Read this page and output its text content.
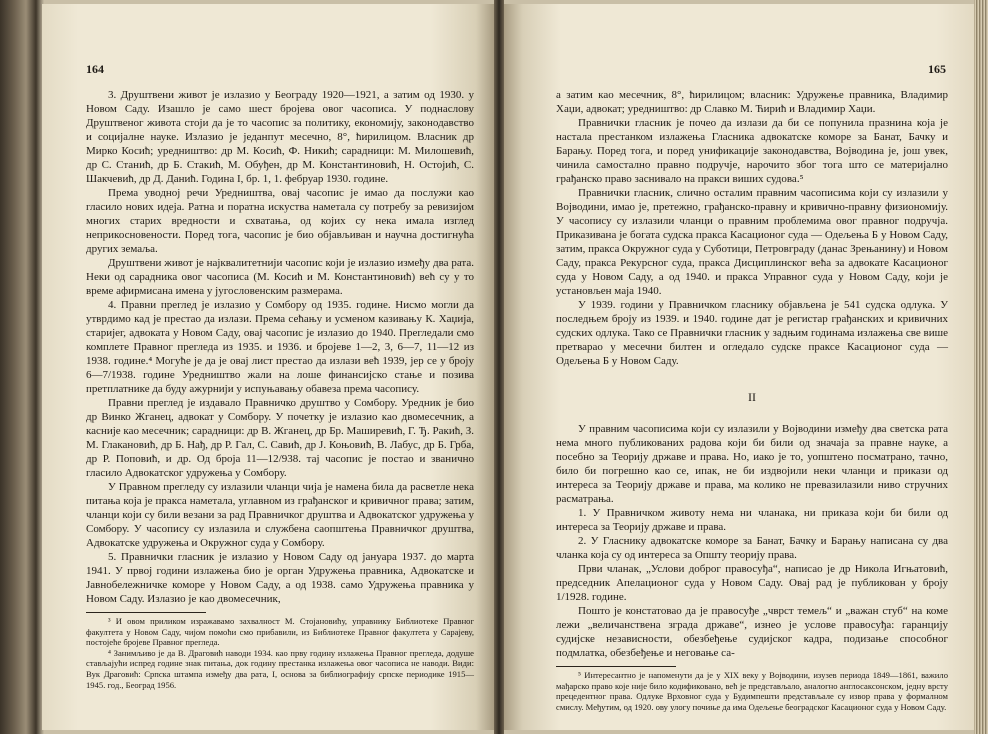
164

3. Друштвени живот је излазио у Београду 1920—1921, а затим од 1930. у Новом Саду. Изашло је само шест бројева овог часописа. У поднаслову Друштвеног живота стоји да је то часопис за политику, економију, законодавство и социјалне науке. Излазио је једанпут месечно, 8°, ћирилицом. Власник др Мирко Косић; уредништво: др М. Косић, Ф. Никић; сарадници: М. Милошевић, др С. Станић, др Б. Стакић, М. Обуђен, др М. Константиновић, Н. Остојић, С. Шакчевић, др Д. Данић. Година I, бр. 1, 1. фебруар 1930. године.

Према уводној речи Уредништва, овај часопис је имао да послужи као гласило нових идеја. Ратна и поратна искуства наметала су потребу за ревизијом многих старих вредности и схватања, од којих су нека имала изглед неприкосновености. Поред тога, часопис је био објављиван и научна достигнућа других земаља.

Друштвени живот је најквалитетнији часопис који је излазио између два рата. Неки од сарадника овог часописа (М. Косић и М. Константиновић) већ су у то време афирмисана имена у југословенским размерама.

4. Правни преглед је излазио у Сомбору од 1935. године. Нисмо могли да утврдимо кад је престао да излази. Према сећању и усменом казивању К. Хаџија, старијег, адвоката у Новом Саду, овај часопис је излазио до 1940. Прегледали смо комплете Правног прегледа из 1935. и 1936. и бројеве 1—2, 3, 6—7, 11—12 из 1938. године.⁴ Могуће је да је овај лист престао да излази већ 1939, јер се у броју 6—7/1938. године Уредништво жали на лоше финансијско стање и позива претплатнике да буду ажурнији у испуњавању обавеза према часопису.

Правни преглед је издавало Правничко друштво у Сомбору. Уредник је био др Винко Жганец, адвокат у Сомбору. У почетку је излазио као двомесечник, а касније као месечник; сарадници: др В. Жганец, др Бр. Маширевић, Г. Ђ. Ракић, З. М. Глакановић, др Б. Нађ, др Р. Гал, С. Савић, др Ј. Коњовић, В. Лабус, др Б. Грба, др Р. Поповић, и др. Од броја 11—12/938. тај часопис је постао и званично гласило Адвокатског удружења у Сомбору.

У Правном прегледу су излазили чланци чија је намена била да расветле нека питања која је пракса наметала, углавном из грађанског и кривичног права; затим, чланци који су били везани за рад Правничког друштва и Адвокатског удружења у Сомбору. У часопису су излазила и службена саопштења Правничког друштва, Адвокатске удружења и Окружног суда у Сомбору.

5. Правнички гласник је излазио у Новом Саду од јануара 1937. до марта 1941. У првој години излажења био је орган Удружења правника, Адвокатске и Јавнобележничке коморе у Новом Саду, а од 1938. само Удружења правника у Новом Саду. Излазио је као двомесечник,

³ И овом приликом изражавамо захвалност М. Стојановићу, управнику Библиотеке Правног факултета у Новом Саду, чијом помоћи смо прибавили, из Библиотеке Правног факултета у Сарајеву, постојеће бројеве Правног прегледа.

⁴ Занимљиво је да В. Драговић наводи 1934. као прву годину излажења Правног прегледа, додуше стављајући испред године знак питања, док годину престанка излажења овог часописа не наводи. Види: Вук Драговић: Српска штампа између два рата, I, основа за библиографију српске периодике 1915—1945. год., Београд 1956.

165

а затим као месечник, 8°, ћирилицом; власник: Удружење правника, Владимир Хаџи, адвокат; уредништво: др Славко М. Ћирић и Владимир Хаџи.

Правнички гласник је почео да излази да би се попунила празнина која је настала престанком излажења Гласника адвокатске коморе за Банат, Бачку и Барању. Поред тога, и поред унификације законодавства, Војводина је, још увек, чинила самостално правно подручје, нарочито због тога што се материјално грађанско право заснивало на пракси виших судова.⁵

Правнички гласник, слично осталим правним часописима који су излазили у Војводини, имао је, претежно, грађанско-правну и кривично-правну физиономију. У часопису су излазили чланци о правним проблемима овог правног подручја. Приказивана је богата судска пракса Касационог суда — Одељења Б у Новом Саду, затим, пракса Окружног суда у Суботици, Петровграду (данас Зрењанину) и Новом Саду, пракса Рекурсног суда, пракса Дисциплинског већа за адвокате Касационог суда у Новом Саду, а од 1940. и пракса Управног суда у Новом Саду, који је установљен маја 1940.

У 1939. години у Правничком гласнику објављена је 541 судска одлука. У последњем броју из 1939. и 1940. године дат је регистар грађанских и кривичних судских одлука. Тако се Правнички гласник у задњим годинама излажења све више претварао у месечни билтен и огледало судске праксе Касационог суда — Одељења Б у Новом Саду.

II

У правним часописима који су излазили у Војводини између два светска рата нема много публикованих радова који би били од значаја за правне науке, а посебно за Теорију државе и права. Но, иако је то, уопштено посматрано, тачно, било би погрешно као се, ипак, не би издвојили неки чланци и прикази од интереса за Теорију државе и права, ма колико не превазилазили ниво стручних расматрања.

1. У Правничком животу нема ни чланака, ни приказа који би били од интереса за Теорију државе и права.

2. У Гласнику адвокатске коморе за Банат, Бачку и Барању написана су два чланка која су од интереса за Општу теорију права.

Први чланак, „Услови доброг правосуђа“, написао је др Никола Игњатовић, председник Апелационог суда у Новом Саду. Овај рад је публикован у броју 1/1928. године.

Пошто је констатовао да је правосуђе „чврст темељ“ и „важан стуб“ на коме лежи „величанствена зграда државе“, изнео је услове правосуђа: гаранцију судијске независности, обезбеђење судијског кадра, подизање способног подмлатка, обезбеђење и неговање са-

⁵ Интересантно је напоменути да је у XIX веку у Војводини, изузев периода 1849—1861, важило мађарско право које није било кодификовано, већ је представљало, аналогно англосаксонском, једну врсту прецедентног права. Одлуке Врховног суда у Будимпешти представљале су извор права у формалном смислу. Међутим, од 1920. ову улогу почиње да има Одељење београдског Касационог суда у Новом Саду.
